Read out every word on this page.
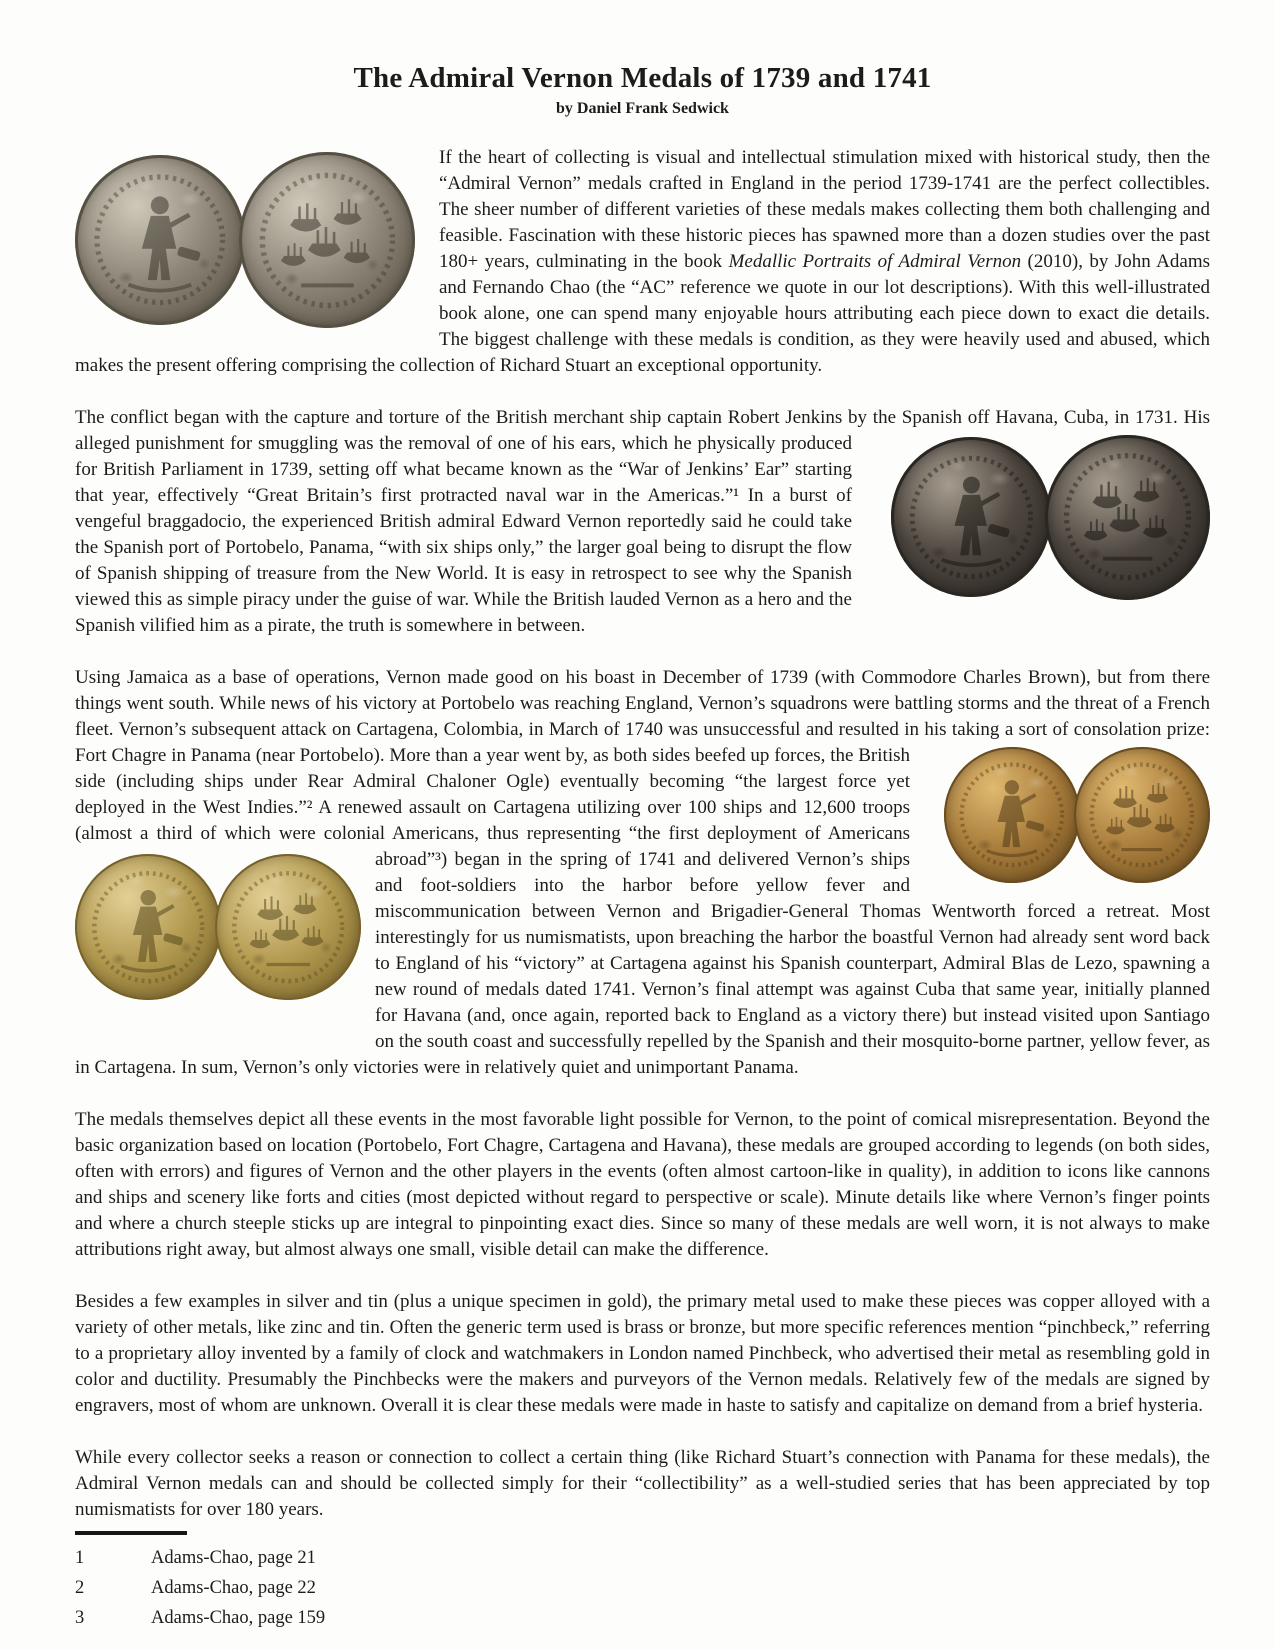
The Admiral Vernon Medals of 1739 and 1741
by Daniel Frank Sedwick

If the heart of collecting is visual and intellectual stimulation mixed with historical study, then the “Admiral Vernon” medals crafted in England in the period 1739-1741 are the perfect collectibles. The sheer number of different varieties of these medals makes collecting them both challenging and feasible. Fascination with these historic pieces has spawned more than a dozen studies over the past 180+ years, culminating in the book Medallic Portraits of Admiral Vernon (2010), by John Adams and Fernando Chao (the “AC” reference we quote in our lot descriptions). With this well-illustrated book alone, one can spend many enjoyable hours attributing each piece down to exact die details. The biggest challenge with these medals is condition, as they were heavily used and abused, which makes the present offering comprising the collection of Richard Stuart an exceptional opportunity.

The conflict began with the capture and torture of the British merchant ship captain Robert Jenkins by the Spanish off Havana, Cuba, in 1731.
His alleged punishment for smuggling was the removal of one of his ears, which he physically produced for British Parliament in 1739, setting off what became known as the “War of Jenkins’ Ear” starting that year, effectively “Great Britain’s first protracted naval war in the Americas.”¹ In a burst of vengeful braggadocio, the experienced British admiral Edward Vernon reportedly said he could take the Spanish port of Portobelo, Panama, “with six ships only,” the larger goal being to disrupt the flow of Spanish shipping of treasure from the New World. It is easy in retrospect to see why the Spanish viewed this as simple piracy under the guise of war. While the British lauded Vernon as a hero and the Spanish vilified him as a pirate, the truth is somewhere in between.

Using Jamaica as a base of operations, Vernon made good on his boast in December of 1739 (with Commodore Charles Brown), but from there things went south. While news of his victory at Portobelo was reaching England, Vernon’s squadrons were battling storms and the threat of a French fleet. Vernon’s subsequent attack on Cartagena, Colombia, in March of 1740 was unsuccessful and resulted in his taking a sort of
consolation prize: Fort Chagre in Panama (near Portobelo). More than a year went by, as both sides beefed up forces, the British side (including ships under Rear Admiral Chaloner Ogle) eventually becoming “the largest force yet deployed in the West Indies.”² A renewed assault on Cartagena utilizing over 100 ships and 12,600 troops (almost a third of which were colonial Americans, thus representing “the first deployment
of Americans abroad”³) began in the spring of 1741 and delivered Vernon’s ships and foot-soldiers into the harbor before yellow fever and miscommunication between Vernon and Brigadier-General Thomas Wentworth forced a retreat. Most interestingly for us numismatists, upon breaching the harbor the boastful Vernon had already sent word back to England of his “victory” at Cartagena against his Spanish counterpart, Admiral Blas de Lezo, spawning a new round of medals dated 1741. Vernon’s final attempt was against Cuba that same year, initially planned for Havana (and, once again, reported back to England as a victory there) but instead visited upon Santiago on the south coast and successfully repelled by the Spanish and their mosquito-borne partner, yellow fever, as in Cartagena. In sum, Vernon’s only victories were in relatively quiet and unimportant Panama.

The medals themselves depict all these events in the most favorable light possible for Vernon, to the point of comical misrepresentation. Beyond the basic organization based on location (Portobelo, Fort Chagre, Cartagena and Havana), these medals are grouped according to legends (on both sides, often with errors) and figures of Vernon and the other players in the events (often almost cartoon-like in quality), in addition to icons like cannons and ships and scenery like forts and cities (most depicted without regard to perspective or scale). Minute details like where Vernon’s finger points and where a church steeple sticks up are integral to pinpointing exact dies. Since so many of these medals are well worn, it is not always to make attributions right away, but almost always one small, visible detail can make the difference.

Besides a few examples in silver and tin (plus a unique specimen in gold), the primary metal used to make these pieces was copper alloyed with a variety of other metals, like zinc and tin. Often the generic term used is brass or bronze, but more specific references mention “pinchbeck,” referring to a proprietary alloy invented by a family of clock and watchmakers in London named Pinchbeck, who advertised their metal as resembling gold in color and ductility. Presumably the Pinchbecks were the makers and purveyors of the Vernon medals. Relatively few of the medals are signed by engravers, most of whom are unknown. Overall it is clear these medals were made in haste to satisfy and capitalize on demand from a brief hysteria.

While every collector seeks a reason or connection to collect a certain thing (like Richard Stuart’s connection with Panama for these medals), the Admiral Vernon medals can and should be collected simply for their “collectibility” as a well-studied series that has been appreciated by top numismatists for over 180 years.

1	Adams-Chao, page 21
2	Adams-Chao, page 22
3	Adams-Chao, page 159
